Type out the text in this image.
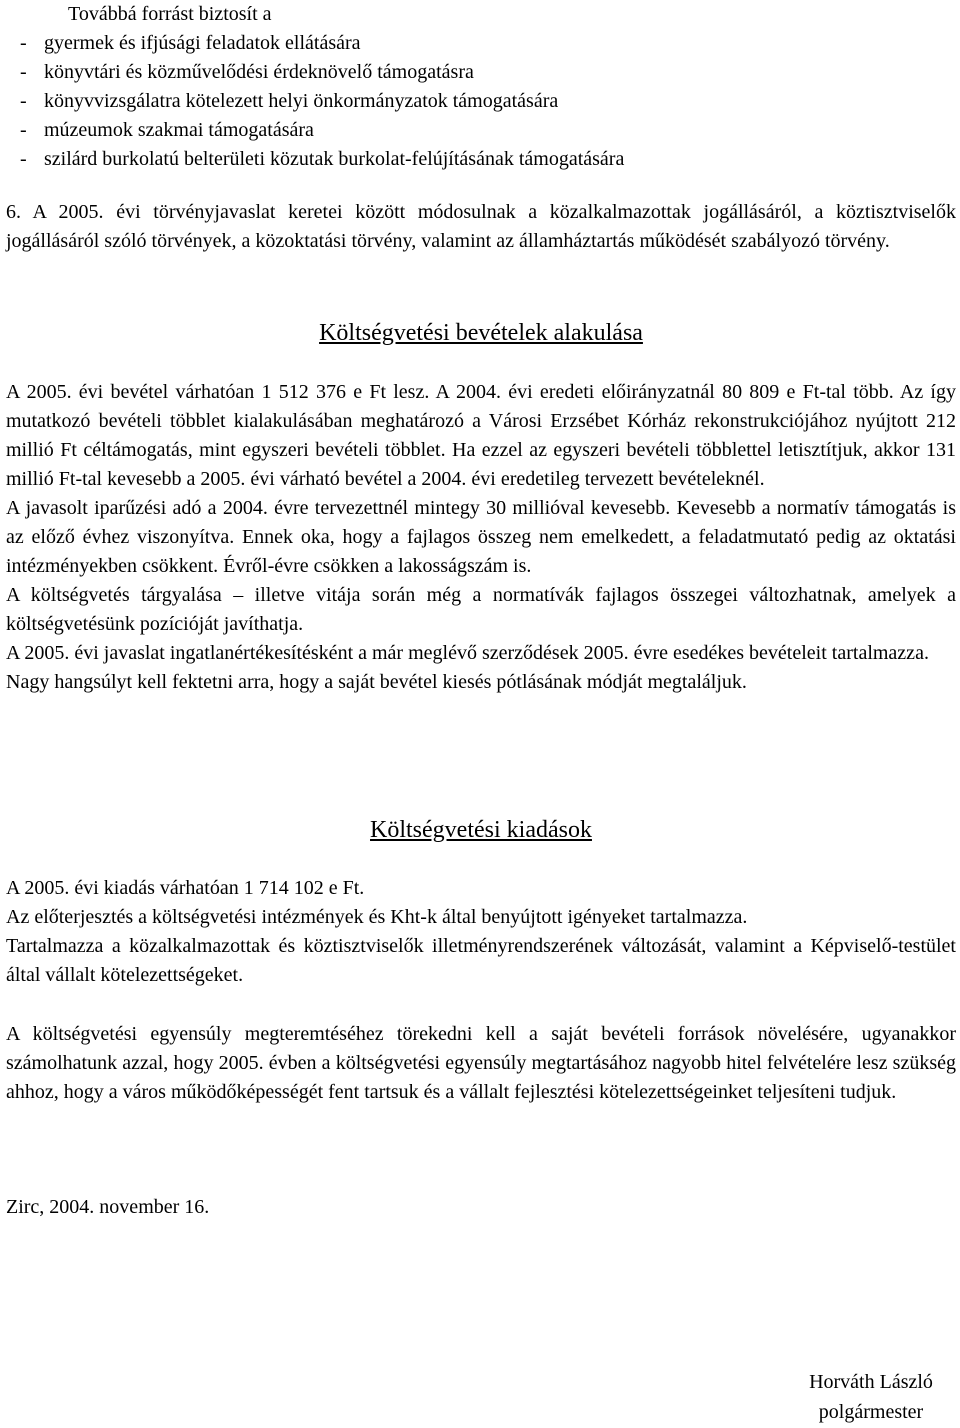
Továbbá forrást biztosít a
- gyermek és ifjúsági feladatok ellátására
- könyvtári és közművelődési érdeknövelő támogatásra
- könyvvizsgálatra kötelezett helyi önkormányzatok támogatására
- múzeumok szakmai támogatására
- szilárd burkolatú belterületi közutak burkolat-felújításának támogatására
6. A 2005. évi törvényjavaslat keretei között módosulnak a közalkalmazottak jogállásáról, a köztisztviselők jogállásáról szóló törvények, a közoktatási törvény, valamint az államháztartás működését szabályozó törvény.
Költségvetési bevételek alakulása
A 2005. évi bevétel várhatóan 1 512 376 e Ft lesz. A 2004. évi eredeti előirányzatnál 80 809 e Ft-tal több. Az így mutatkozó bevételi többlet kialakulásában meghatározó a Városi Erzsébet Kórház rekonstrukciójához nyújtott 212 millió Ft céltámogatás, mint egyszeri bevételi többlet. Ha ezzel az egyszeri bevételi többlettel letisztítjuk, akkor 131 millió Ft-tal kevesebb a 2005. évi várható bevétel a 2004. évi eredetileg tervezett bevételeknél.
A javasolt iparűzési adó a 2004. évre tervezettnél mintegy 30 millióval kevesebb. Kevesebb a normatív támogatás is az előző évhez viszonyítva. Ennek oka, hogy a fajlagos összeg nem emelkedett, a feladatmutató pedig az oktatási intézményekben csökkent. Évről-évre csökken a lakosságszám is.
A költségvetés tárgyalása – illetve vitája során még a normatívák fajlagos összegei változhatnak, amelyek a költségvetésünk pozícióját javíthatja.
A 2005. évi javaslat ingatlanértékesítésként a már meglévő szerződések 2005. évre esedékes bevételeit tartalmazza.
Nagy hangsúlyt kell fektetni arra, hogy a saját bevétel kiesés pótlásának módját megtaláljuk.
Költségvetési kiadások
A 2005. évi kiadás várhatóan 1 714 102 e Ft.
Az előterjesztés a költségvetési intézmények és Kht-k által benyújtott igényeket tartalmazza.
Tartalmazza a közalkalmazottak és köztisztviselők illetményrendszerének változását, valamint a Képviselő-testület által vállalt kötelezettségeket.
A költségvetési egyensúly megteremtéséhez törekedni kell a saját bevételi források növelésére, ugyanakkor számolhatunk azzal, hogy 2005. évben a költségvetési egyensúly megtartásához nagyobb hitel felvételére lesz szükség ahhoz, hogy a város működőképességét fent tartsuk és a vállalt fejlesztési kötelezettségeinket teljesíteni tudjuk.
Zirc, 2004. november 16.
Horváth László
polgármester
